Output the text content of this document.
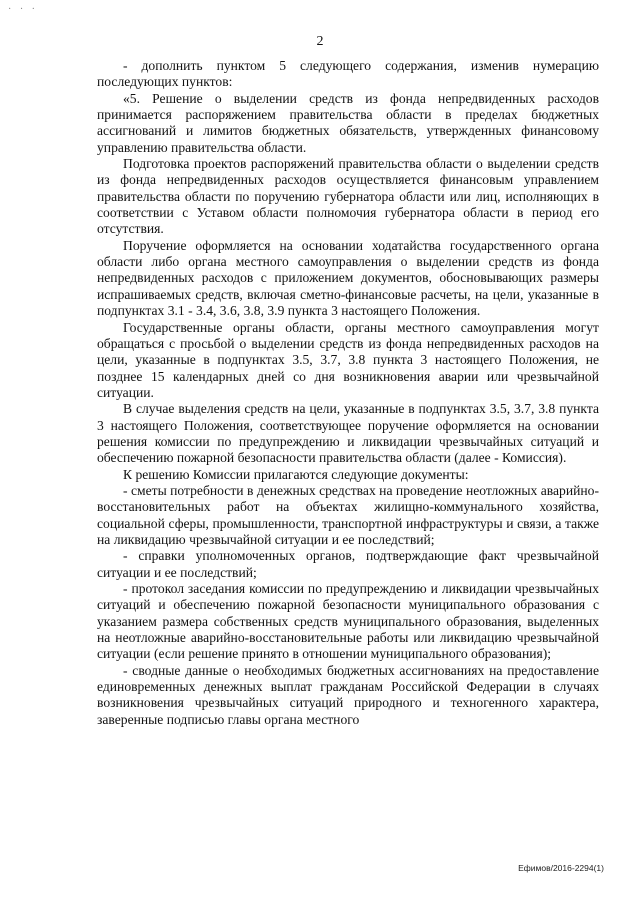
· · ·
2

- дополнить пунктом 5 следующего содержания, изменив нумерацию последующих пунктов:

«5. Решение о выделении средств из фонда непредвиденных расходов принимается распоряжением правительства области в пределах бюджетных ассигнований и лимитов бюджетных обязательств, утвержденных финансовому управлению правительства области.

Подготовка проектов распоряжений правительства области о выделении средств из фонда непредвиденных расходов осуществляется финансовым управлением правительства области по поручению губернатора области или лиц, исполняющих в соответствии с Уставом области полномочия губернатора области в период его отсутствия.

Поручение оформляется на основании ходатайства государственного органа области либо органа местного самоуправления о выделении средств из фонда непредвиденных расходов с приложением документов, обосновывающих размеры испрашиваемых средств, включая сметно-финансовые расчеты, на цели, указанные в подпунктах 3.1 - 3.4, 3.6, 3.8, 3.9 пункта 3 настоящего Положения.

Государственные органы области, органы местного самоуправления могут обращаться с просьбой о выделении средств из фонда непредвиденных расходов на цели, указанные в подпунктах 3.5, 3.7, 3.8 пункта 3 настоящего Положения, не позднее 15 календарных дней со дня возникновения аварии или чрезвычайной ситуации.

В случае выделения средств на цели, указанные в подпунктах 3.5, 3.7, 3.8 пункта 3 настоящего Положения, соответствующее поручение оформляется на основании решения комиссии по предупреждению и ликвидации чрезвычайных ситуаций и обеспечению пожарной безопасности правительства области (далее - Комиссия).

К решению Комиссии прилагаются следующие документы:

- сметы потребности в денежных средствах на проведение неотложных аварийно-восстановительных работ на объектах жилищно-коммунального хозяйства, социальной сферы, промышленности, транспортной инфраструктуры и связи, а также на ликвидацию чрезвычайной ситуации и ее последствий;

- справки уполномоченных органов, подтверждающие факт чрезвычайной ситуации и ее последствий;

- протокол заседания комиссии по предупреждению и ликвидации чрезвычайных ситуаций и обеспечению пожарной безопасности муниципального образования с указанием размера собственных средств муниципального образования, выделенных на неотложные аварийно-восстановительные работы или ликвидацию чрезвычайной ситуации (если решение принято в отношении муниципального образования);

- сводные данные о необходимых бюджетных ассигнованиях на предоставление единовременных денежных выплат гражданам Российской Федерации в случаях возникновения чрезвычайных ситуаций природного и техногенного характера, заверенные подписью главы органа местного

Ефимов/2016-2294(1)
